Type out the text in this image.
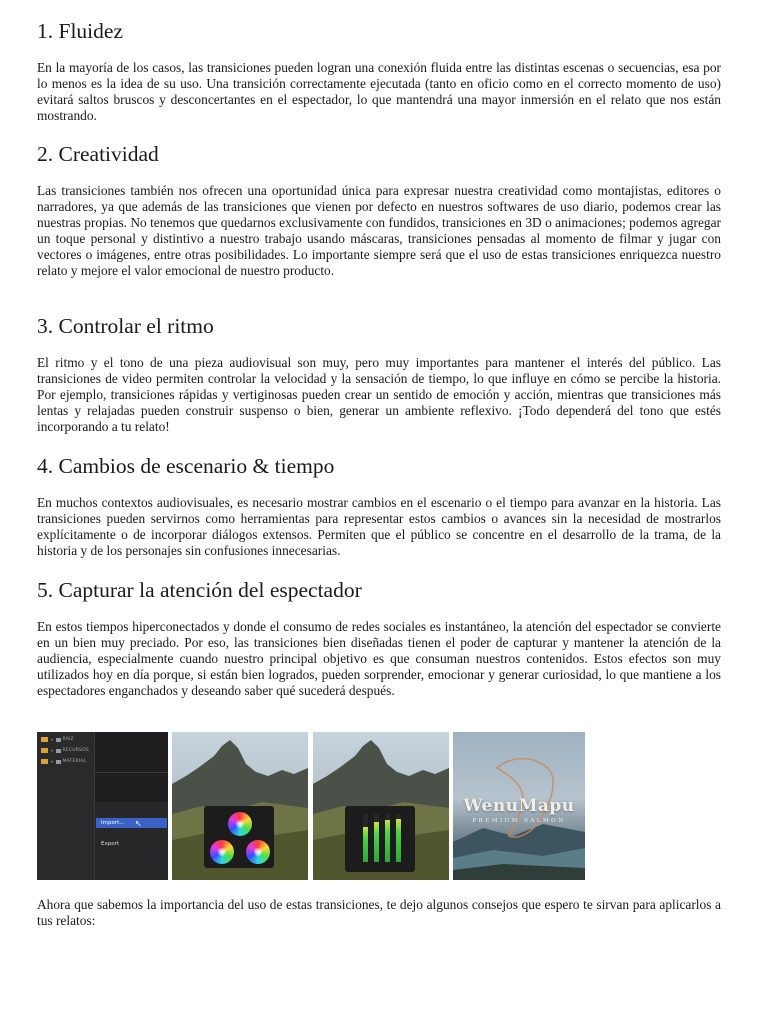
1. Fluidez

En la mayoría de los casos, las transiciones pueden logran una conexión fluida entre las distintas escenas o secuencias, esa por lo menos es la idea de su uso. Una transición correctamente ejecutada (tanto en oficio como en el correcto momento de uso) evitará saltos bruscos y desconcertantes en el espectador, lo que mantendrá una mayor inmersión en el relato que nos están mostrando.

2. Creatividad

Las transiciones también nos ofrecen una oportunidad única para expresar nuestra creatividad como montajistas, editores o narradores, ya que además de las transiciones que vienen por defecto en nuestros softwares de uso diario, podemos crear las nuestras propias. No tenemos que quedarnos exclusivamente con fundidos, transiciones en 3D o animaciones; podemos agregar un toque personal y distintivo a nuestro trabajo usando máscaras, transiciones pensadas al momento de filmar y jugar con vectores o imágenes, entre otras posibilidades. Lo importante siempre será que el uso de estas transiciones enriquezca nuestro relato y mejore el valor emocional de nuestro producto.

3. Controlar el ritmo

El ritmo y el tono de una pieza audiovisual son muy, pero muy importantes para mantener el interés del público. Las transiciones de video permiten controlar la velocidad y la sensación de tiempo, lo que influye en cómo se percibe la historia. Por ejemplo, transiciones rápidas y vertiginosas pueden crear un sentido de emoción y acción, mientras que transiciones más lentas y relajadas pueden construir suspenso o bien, generar un ambiente reflexivo. ¡Todo dependerá del tono que estés incorporando a tu relato!

4. Cambios de escenario & tiempo

En muchos contextos audiovisuales, es necesario mostrar cambios en el escenario o el tiempo para avanzar en la historia. Las transiciones pueden servirnos como herramientas para representar estos cambios o avances sin la necesidad de mostrarlos explícitamente o de incorporar diálogos extensos. Permiten que el público se concentre en el desarrollo de la trama, de la historia y de los personajes sin confusiones innecesarias.

5. Capturar la atención del espectador

En estos tiempos hiperconectados y donde el consumo de redes sociales es instantáneo, la atención del espectador se convierte en un bien muy preciado. Por eso, las transiciones bien diseñadas tienen el poder de capturar y mantener la atención de la audiencia, especialmente cuando nuestro principal objetivo es que consuman nuestros contenidos. Estos efectos son muy utilizados hoy en día porque, si están bien logrados, pueden sorprender, emocionar y generar curiosidad, lo que mantiene a los espectadores enganchados y deseando saber qué sucederá después.

▸ RAIZ
▸ RECURSOS
▸ MATERIAL
Import...
Export
↖
WenuMapu
PREMIUM SALMON

Ahora que sabemos la importancia del uso de estas transiciones, te dejo algunos consejos que espero te sirvan para aplicarlos a tus relatos:
